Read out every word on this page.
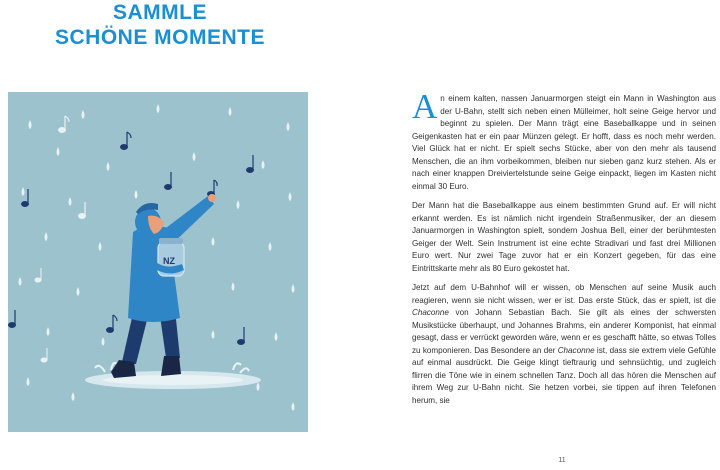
SAMMLE
SCHÖNE MOMENTE
NZ

An einem kalten, nassen Januarmorgen steigt ein Mann in Washington aus der U-Bahn, stellt sich neben einen Mülleimer, holt seine Geige hervor und beginnt zu spielen. Der Mann trägt eine Baseballkappe und in seinen Geigenkasten hat er ein paar Münzen gelegt. Er hofft, dass es noch mehr werden. Viel Glück hat er nicht. Er spielt sechs Stücke, aber von den mehr als tausend Menschen, die an ihm vorbeikommen, bleiben nur sieben ganz kurz stehen. Als er nach einer knappen Dreiviertelstunde seine Geige einpackt, liegen im Kasten nicht einmal 30 Euro.

Der Mann hat die Baseballkappe aus einem bestimmten Grund auf. Er will nicht erkannt werden. Es ist nämlich nicht irgendein Straßenmusiker, der an diesem Januarmorgen in Washington spielt, sondern Joshua Bell, einer der berühmtesten Geiger der Welt. Sein Instrument ist eine echte Stradivari und fast drei Millionen Euro wert. Nur zwei Tage zuvor hat er ein Konzert gegeben, für das eine Eintrittskarte mehr als 80 Euro gekostet hat.

Jetzt auf dem U-Bahnhof will er wissen, ob Menschen auf seine Musik auch reagieren, wenn sie nicht wissen, wer er ist. Das erste Stück, das er spielt, ist die Chaconne von Johann Sebastian Bach. Sie gilt als eines der schwersten Musikstücke überhaupt, und Johannes Brahms, ein anderer Komponist, hat einmal gesagt, dass er verrückt geworden wäre, wenn er es geschafft hätte, so etwas Tolles zu komponieren. Das Besondere an der Chaconne ist, dass sie extrem viele Gefühle auf einmal ausdrückt. Die Geige klingt tieftraurig und sehnsüchtig, und zugleich flirren die Töne wie in einem schnellen Tanz. Doch all das hören die Menschen auf ihrem Weg zur U-Bahn nicht. Sie hetzen vorbei, sie tippen auf ihren Telefonen herum, sie

11
